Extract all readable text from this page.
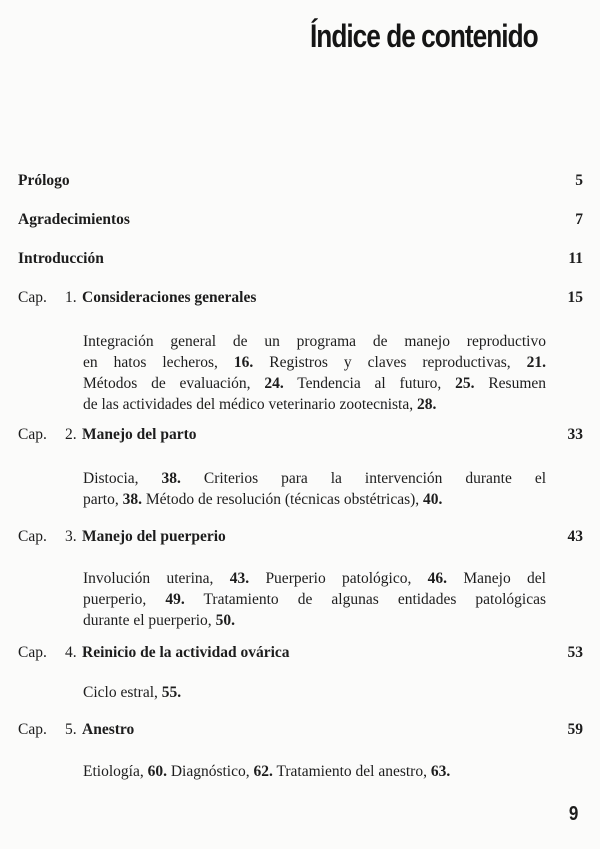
Índice de contenido
Prólogo	5
Agradecimientos	7
Introducción	11
Cap. 1. Consideraciones generales	15
Integración general de un programa de manejo reproductivo
en hatos lecheros, 16. Registros y claves reproductivas, 21.
Métodos de evaluación, 24. Tendencia al futuro, 25. Resumen
de las actividades del médico veterinario zootecnista, 28.
Cap. 2. Manejo del parto	33
Distocia, 38. Criterios para la intervención durante el
parto, 38. Método de resolución (técnicas obstétricas), 40.
Cap. 3. Manejo del puerperio	43
Involución uterina, 43. Puerperio patológico, 46. Manejo del
puerperio, 49. Tratamiento de algunas entidades patológicas
durante el puerperio, 50.
Cap. 4. Reinicio de la actividad ovárica	53
Ciclo estral, 55.
Cap. 5. Anestro	59
Etiología, 60. Diagnóstico, 62. Tratamiento del anestro, 63.
9
